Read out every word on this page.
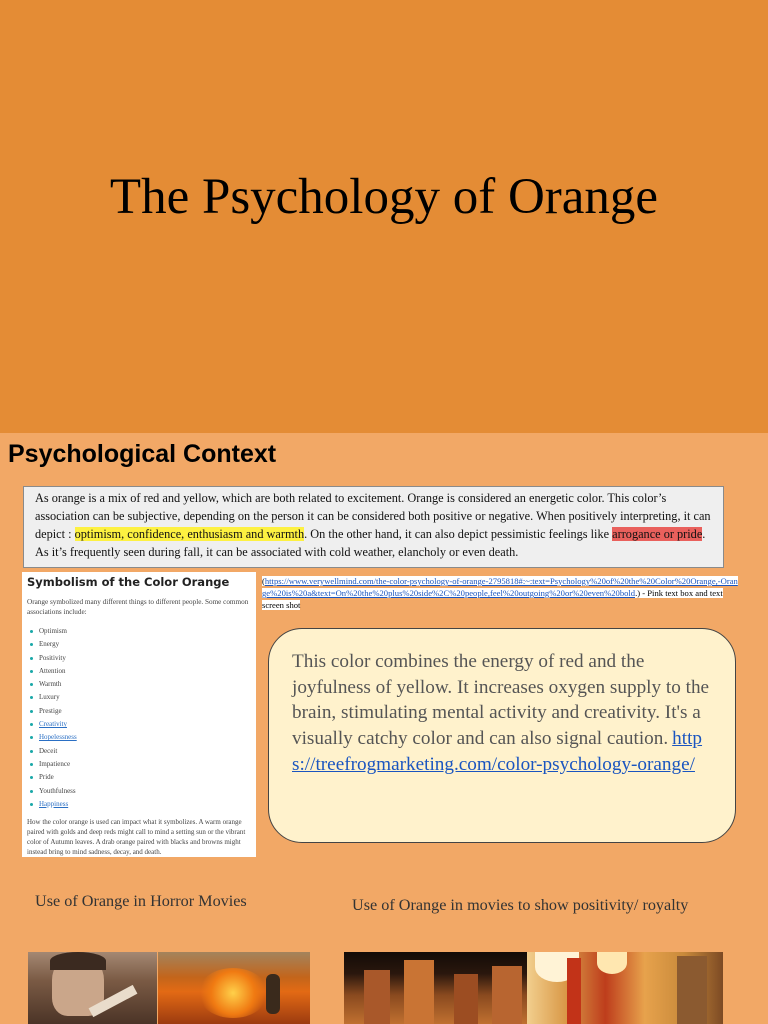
The Psychology of Orange
Psychological Context
As orange is a mix of red and yellow, which are both related to excitement. Orange is considered an energetic color. This color’s association can be subjective, depending on the person it can be considered both positive or negative. When positively interpreting, it can depict : optimism, confidence, enthusiasm and warmth. On the other hand, it can also depict pessimistic feelings like arrogance or pride. As it’s frequently seen during fall, it can be associated with cold weather, elancholy or even death.
Symbolism of the Color Orange
Orange symbolized many different things to different people. Some common associations include:
Optimism
Energy
Positivity
Attention
Warmth
Luxury
Prestige
Creativity
Hopelessness
Deceit
Impatience
Pride
Youthfulness
Happiness
How the color orange is used can impact what it symbolizes. A warm orange paired with golds and deep reds might call to mind a setting sun or the vibrant color of Autumn leaves. A drab orange paired with blacks and browns might instead bring to mind sadness, decay, and death.
(https://www.verywellmind.com/the-color-psychology-of-orange-2795818#:~:text=Psychology%20of%20the%20Color%20Orange,-Orange%20is%20a&text=On%20the%20plus%20side%2C%20people,feel%20outgoing%20or%20even%20bold.) - Pink text box and text screen shot
This color combines the energy of red and the joyfulness of yellow. It increases oxygen supply to the brain, stimulating mental activity and creativity. It's a visually catchy color and can also signal caution. https://treefrogmarketing.com/color-psychology-orange/
Use of Orange in Horror Movies	Use of Orange in movies to show positivity/ royalty
